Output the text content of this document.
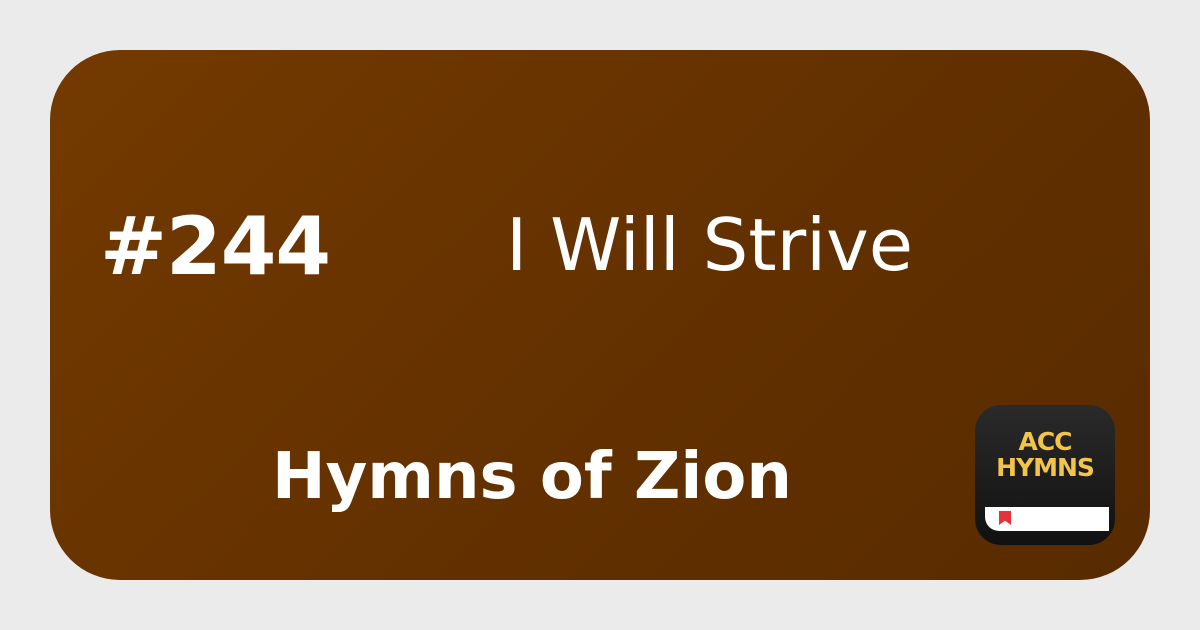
#244 I Will Strive
Hymns of Zion	ACC
HYMNS
